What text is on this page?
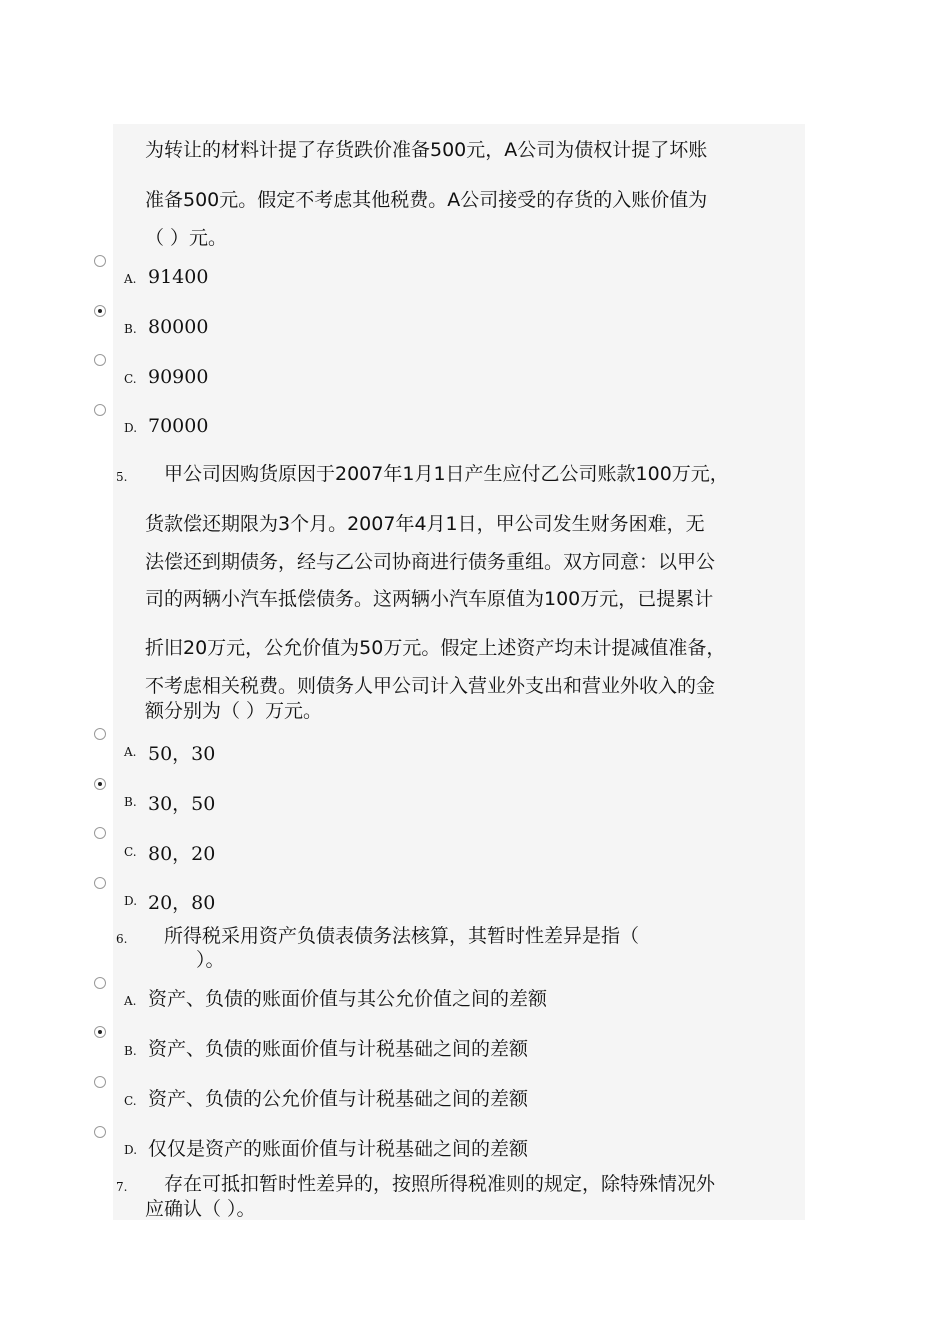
为转让的材料计提了存货跌价准备500元，A公司为债权计提了坏账
准备500元。假定不考虑其他税费。A公司接受的存货的入账价值为
（ ）元。
A. 91400
B. 80000
C. 90900
D. 70000
5. 甲公司因购货原因于2007年1月1日产生应付乙公司账款100万元，
货款偿还期限为3个月。2007年4月1日，甲公司发生财务困难，无
法偿还到期债务，经与乙公司协商进行债务重组。双方同意：以甲公
司的两辆小汽车抵偿债务。这两辆小汽车原值为100万元，已提累计
折旧20万元，公允价值为50万元。假定上述资产均未计提减值准备，
不考虑相关税费。则债务人甲公司计入营业外支出和营业外收入的金
额分别为（ ）万元。
A. 50，30
B. 30，50
C. 80，20
D. 20，80
6. 所得税采用资产负债表债务法核算，其暂时性差异是指（
）。
A. 资产、负债的账面价值与其公允价值之间的差额
B. 资产、负债的账面价值与计税基础之间的差额
C. 资产、负债的公允价值与计税基础之间的差额
D. 仅仅是资产的账面价值与计税基础之间的差额
7. 存在可抵扣暂时性差异的，按照所得税准则的规定，除特殊情况外
应确认（ ）。
